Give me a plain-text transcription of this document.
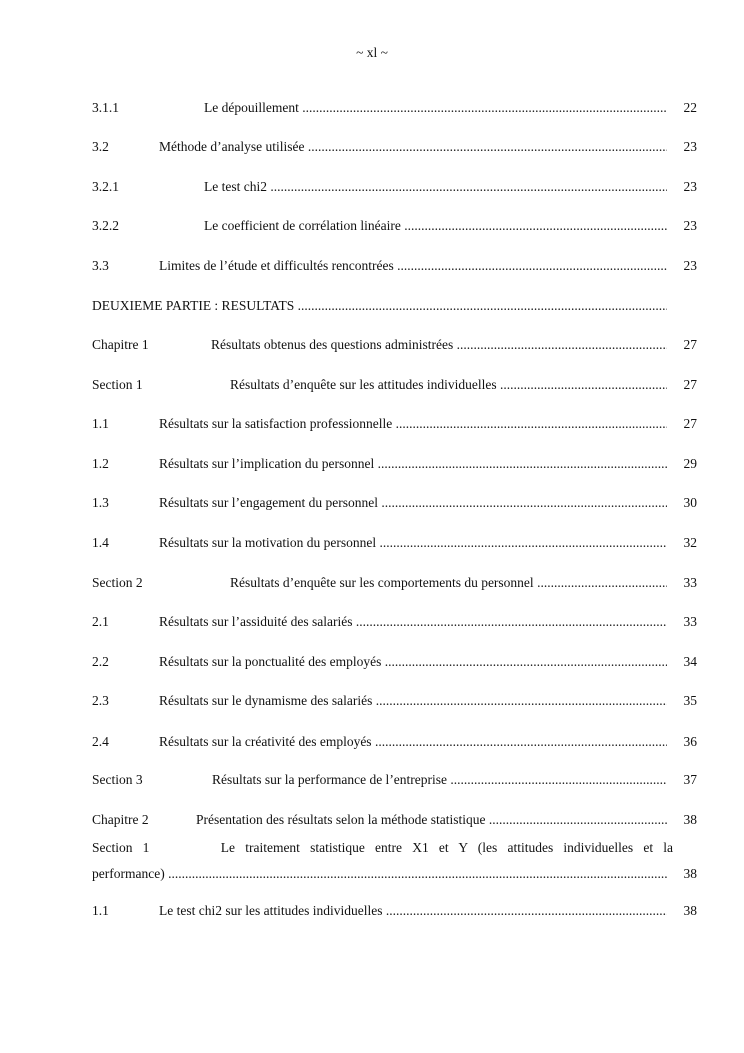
~ xl ~
3.1.1	Le dépouillement .....	22
3.2	Méthode d’analyse utilisée .....	23
3.2.1	Le test chi2 .....	23
3.2.2	Le coefficient de corrélation linéaire .....	23
3.3	Limites de l’étude et difficultés rencontrées .....	23
DEUXIEME PARTIE : RESULTATS .....
Chapitre 1	Résultats obtenus des questions administrées .....	27
Section 1	Résultats d’enquête sur les attitudes individuelles .....	27
1.1	Résultats sur la satisfaction professionnelle .....	27
1.2	Résultats sur l’implication du personnel .....	29
1.3	Résultats sur l’engagement du personnel .....	30
1.4	Résultats sur la motivation du personnel .....	32
Section 2	Résultats d’enquête sur les comportements du personnel .....	33
2.1	Résultats sur l’assiduité des salariés .....	33
2.2	Résultats sur la ponctualité des employés .....	34
2.3	Résultats sur le dynamisme des salariés .....	35
2.4	Résultats sur la créativité des employés .....	36
Section 3	Résultats sur la performance de l’entreprise .....	37
Chapitre 2	Présentation des résultats selon la méthode statistique .....	38
Section 1	Le traitement statistique entre X1 et Y (les attitudes individuelles et la
performance) .....	38
1.1	Le test chi2 sur les attitudes individuelles .....	38
